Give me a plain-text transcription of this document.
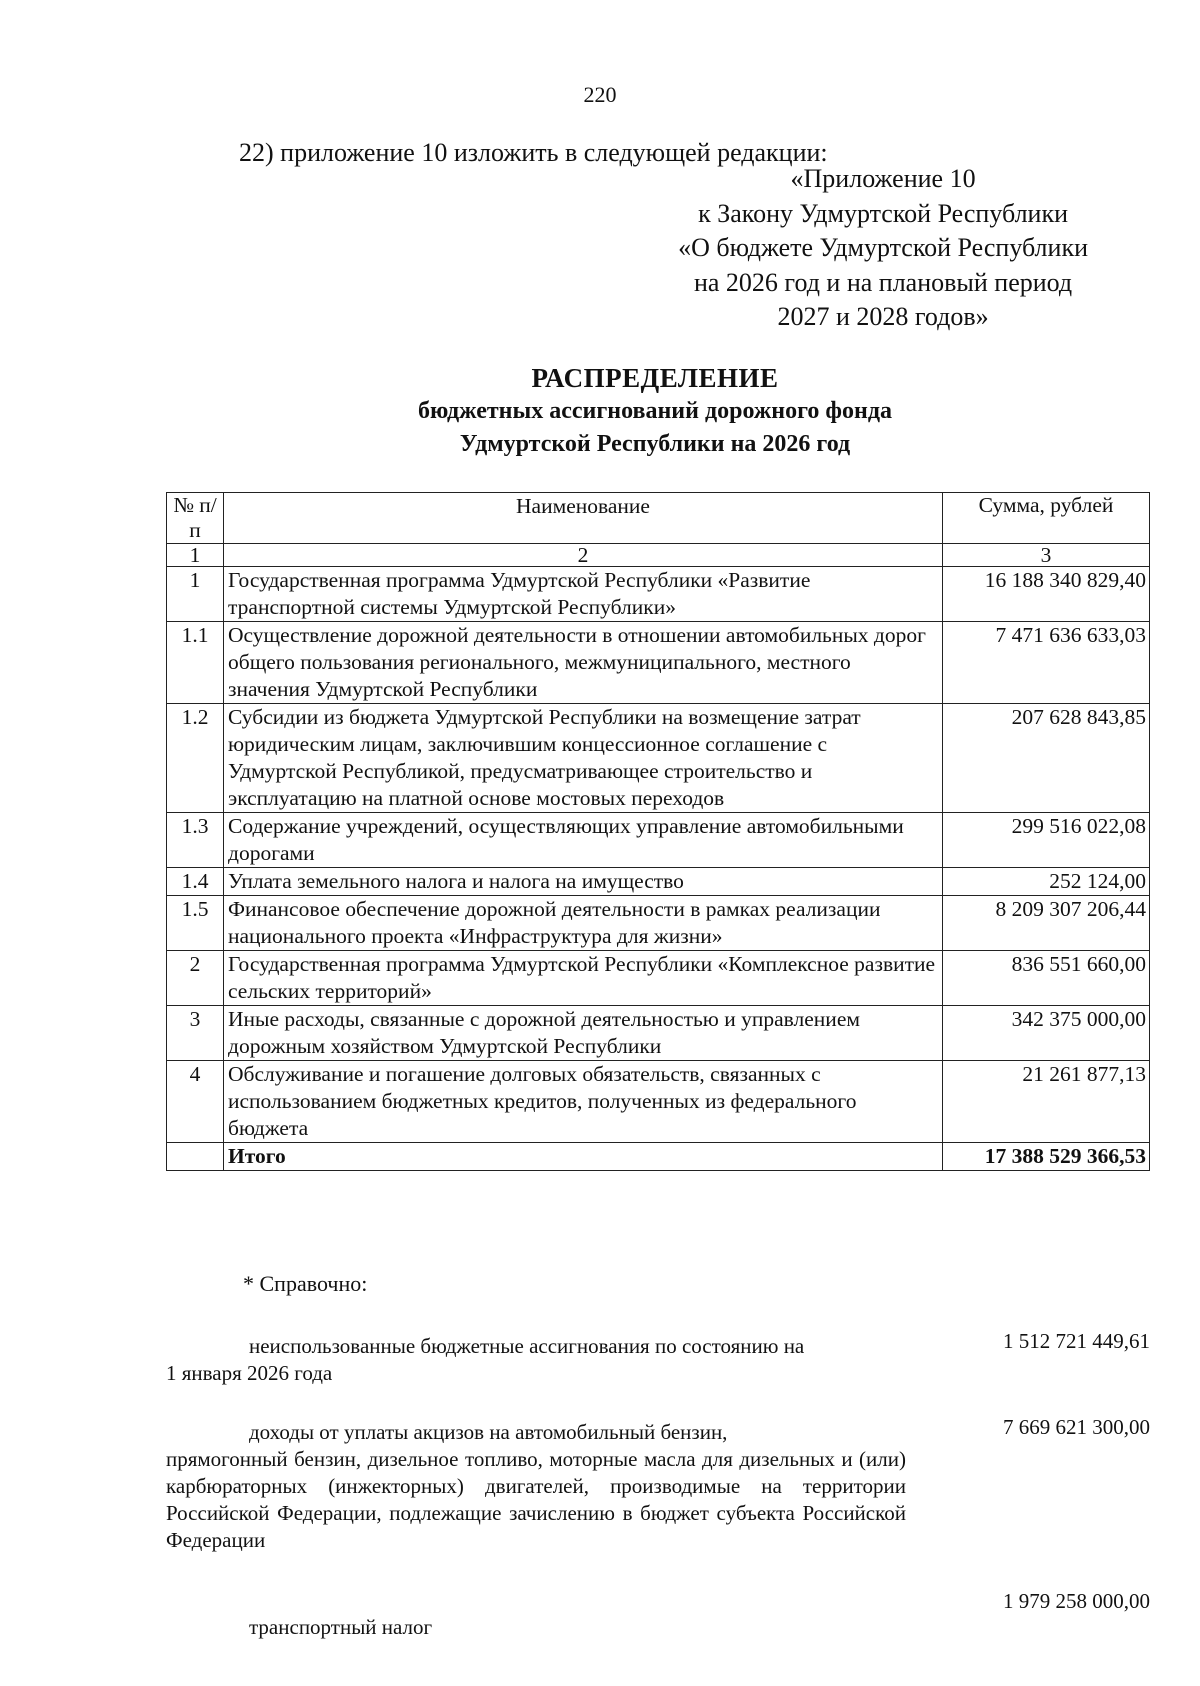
220
22) приложение 10 изложить в следующей редакции:
«Приложение 10
к Закону Удмуртской Республики
«О бюджете Удмуртской Республики
на 2026 год и на плановый период
2027 и 2028 годов»
РАСПРЕДЕЛЕНИЕ
бюджетных ассигнований дорожного фонда
Удмуртской Республики на 2026 год
№ п/п	Наименование	Сумма, рублей
1	2	3
1	Государственная программа Удмуртской Республики «Развитие транспортной системы Удмуртской Республики»	16 188 340 829,40
1.1	Осуществление дорожной деятельности в отношении автомобильных дорог общего пользования регионального, межмуниципального, местного значения Удмуртской Республики	7 471 636 633,03
1.2	Субсидии из бюджета Удмуртской Республики на возмещение затрат юридическим лицам, заключившим концессионное соглашение с Удмуртской Республикой, предусматривающее строительство и эксплуатацию на платной основе мостовых переходов	207 628 843,85
1.3	Содержание учреждений, осуществляющих управление автомобильными дорогами	299 516 022,08
1.4	Уплата земельного налога и налога на имущество	252 124,00
1.5	Финансовое обеспечение дорожной деятельности в рамках реализации национального проекта «Инфраструктура для жизни»	8 209 307 206,44
2	Государственная программа Удмуртской Республики «Комплексное развитие сельских территорий»	836 551 660,00
3	Иные расходы, связанные с дорожной деятельностью и управлением дорожным хозяйством Удмуртской Республики	342 375 000,00
4	Обслуживание и погашение долговых обязательств, связанных с использованием бюджетных кредитов, полученных из федерального бюджета	21 261 877,13
	Итого	17 388 529 366,53
* Справочно:
неиспользованные бюджетные ассигнования по состоянию на
1 января 2026 года
1 512 721 449,61
доходы от уплаты акцизов на автомобильный бензин,
прямогонный бензин, дизельное топливо, моторные масла для дизельных и (или) карбюраторных (инжекторных) двигателей, производимые на территории Российской Федерации, подлежащие зачислению в бюджет субъекта Российской Федерации
7 669 621 300,00
транспортный налог
1 979 258 000,00
